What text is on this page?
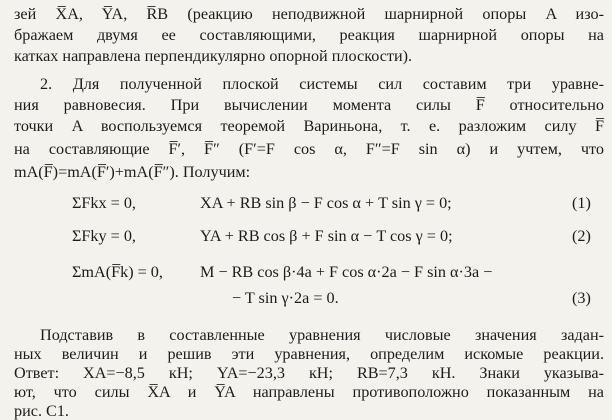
зей X̅A, Y̅A, R̅B (реакцию неподвижной шарнирной опоры A изо-
бражаем двумя ее составляющими, реакция шарнирной опоры на
катках направлена перпендикулярно опорной плоскости).
2. Для полученной плоской системы сил составим три уравне-
ния равновесия. При вычислении момента силы F̅ относительно
точки A воспользуемся теоремой Вариньона, т. е. разложим силу F̅
на составляющие F̅′, F̅″ (F′=F cos α, F″=F sin α) и учтем, что
mA(F̅)=mA(F̅′)+mA(F̅″). Получим:
ΣFkx = 0,	XA + RB sin β − F cos α + T sin γ = 0;	(1)
ΣFky = 0,	YA + RB cos β + F sin α − T cos γ = 0;	(2)
ΣmA(F̅k) = 0, M − RB cos β·4a + F cos α·2a − F sin α·3a −
− T sin γ·2a = 0.	(3)
Подставив в составленные уравнения числовые значения задан-
ных величин и решив эти уравнения, определим искомые реакции.
Ответ: XA=−8,5 кН; YA=−23,3 кН; RB=7,3 кН. Знаки указыва-
ют, что силы X̅A и Y̅A направлены противоположно показанным на
рис. С1.
